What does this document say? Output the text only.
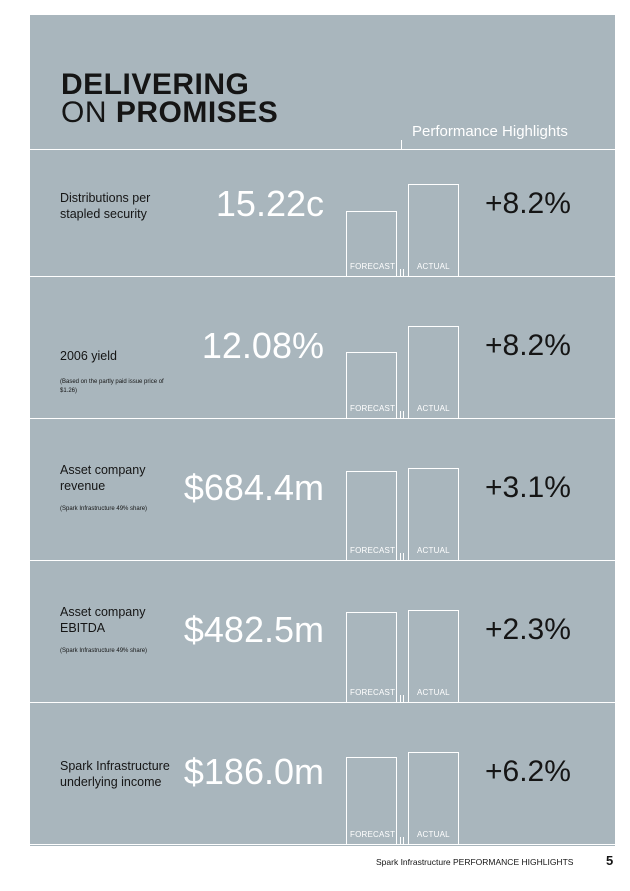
DELIVERING
ON PROMISES
Performance Highlights
Distributions per stapled security	15.22c	+8.2%
FORECAST	ACTUAL
2006 yield
(Based on the partly paid issue price of $1.26)
12.08%	+8.2%
FORECAST	ACTUAL
Asset company revenue
(Spark Infrastructure 49% share)
$684.4m	+3.1%
FORECAST	ACTUAL
Asset company EBITDA
(Spark Infrastructure 49% share)
$482.5m	+2.3%
FORECAST	ACTUAL
Spark Infrastructure underlying income $186.0m	+6.2%
FORECAST	ACTUAL
Spark Infrastructure PERFORMANCE HIGHLIGHTS	5
